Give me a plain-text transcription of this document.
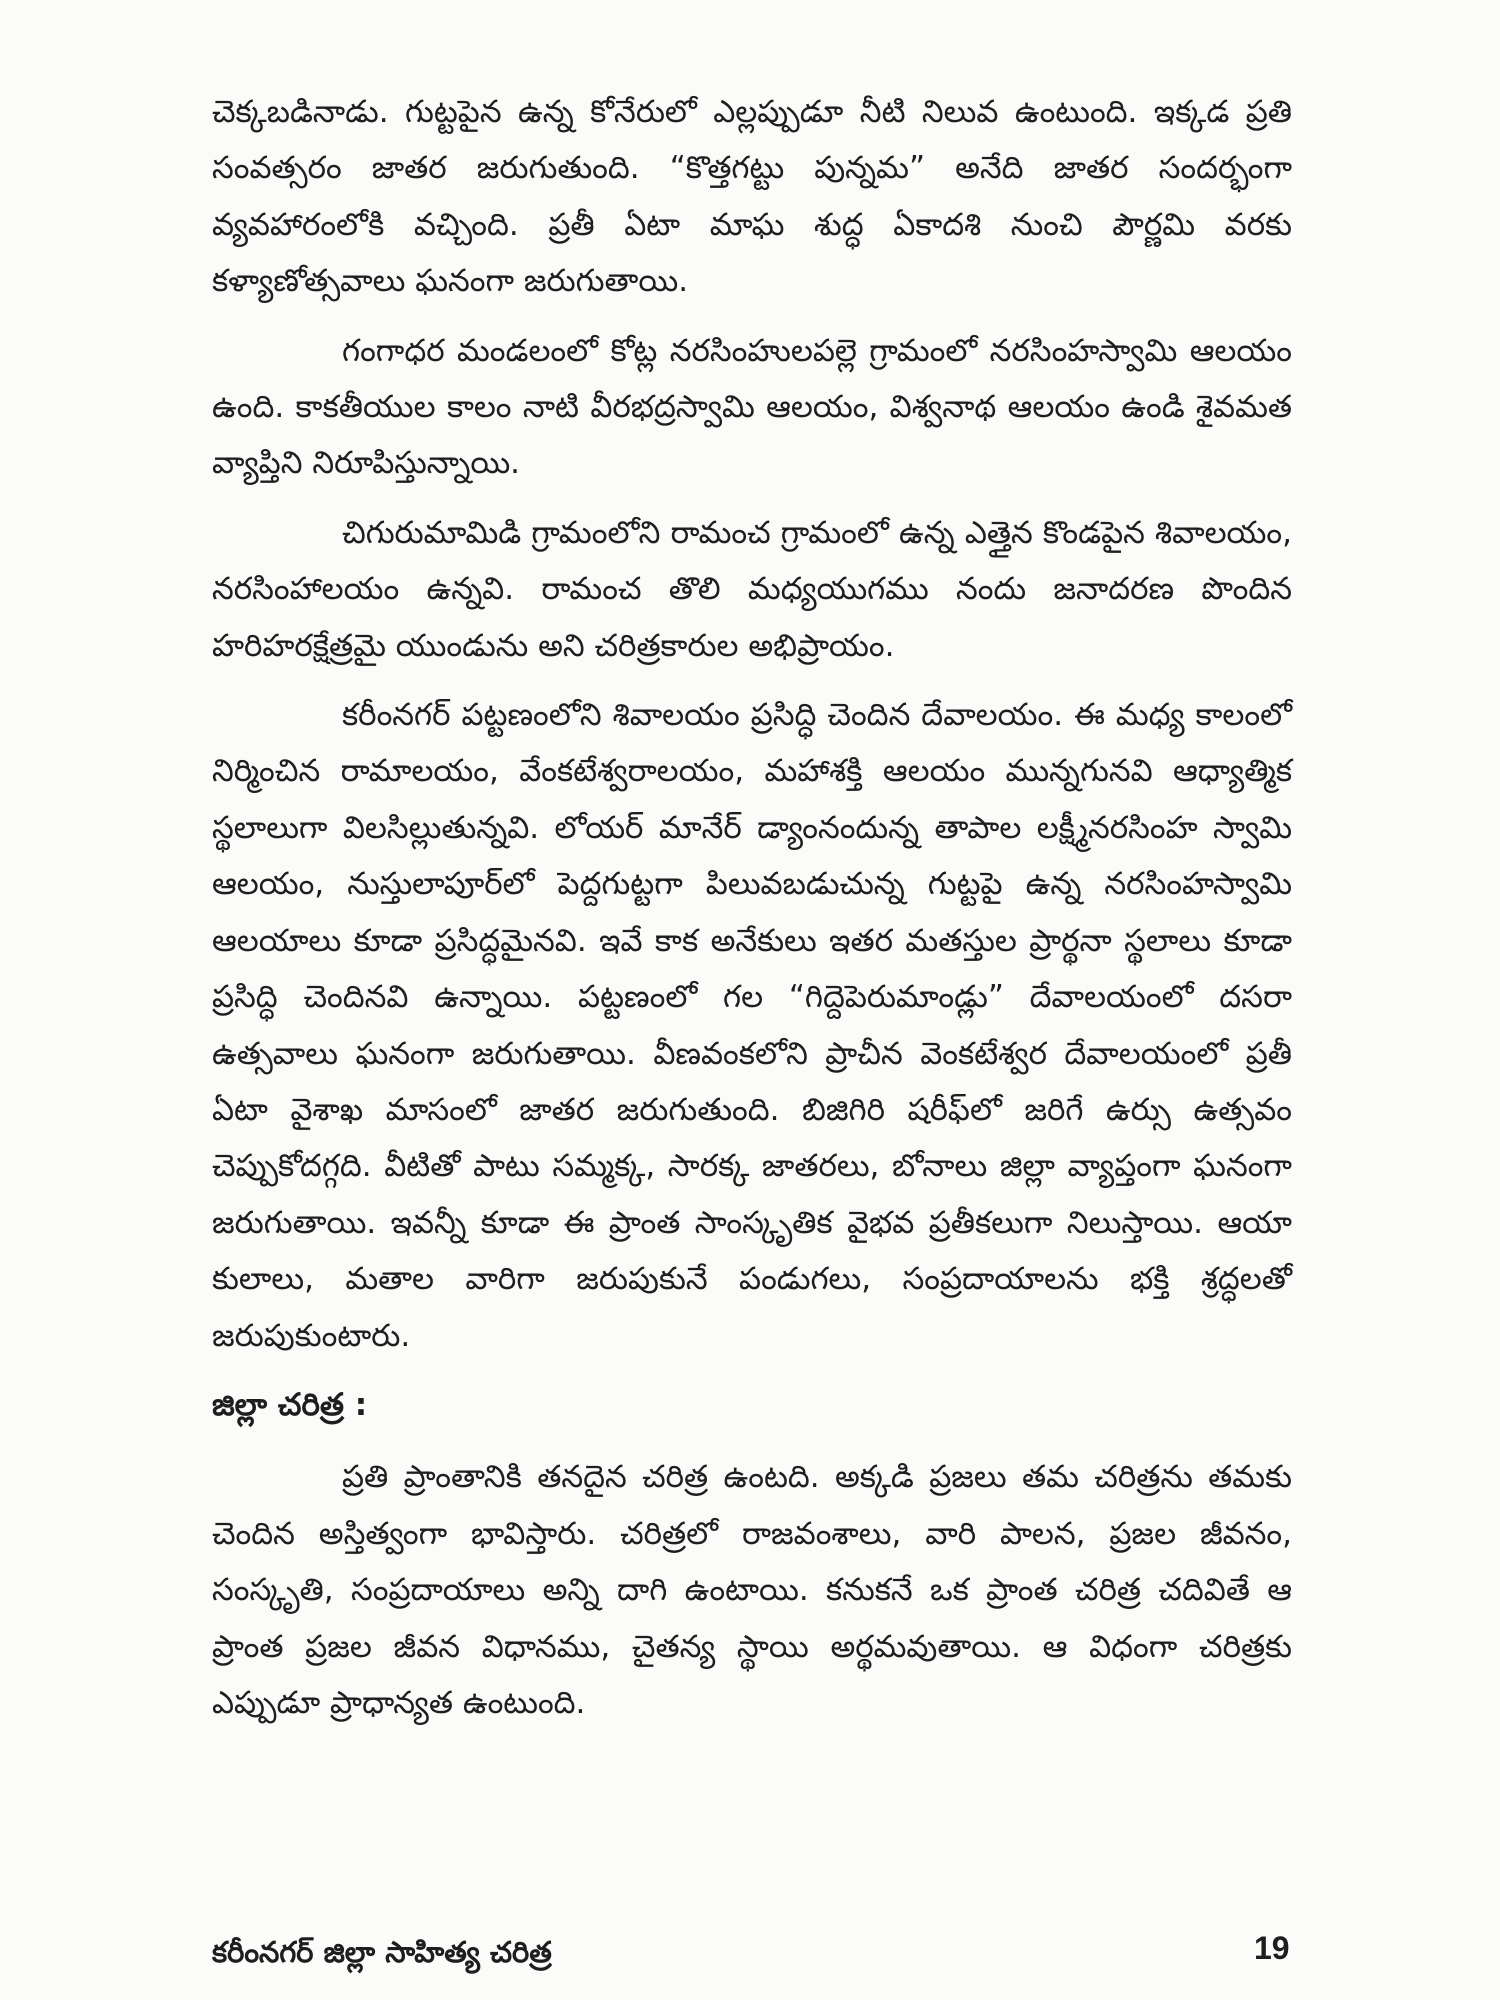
చెక్కబడినాడు. గుట్టపైన ఉన్న కోనేరులో ఎల్లప్పుడూ నీటి నిలువ ఉంటుంది. ఇక్కడ ప్రతి సంవత్సరం జాతర జరుగుతుంది. “కొత్తగట్టు పున్నమ” అనేది జాతర సందర్భంగా వ్యవహారంలోకి వచ్చింది. ప్రతీ ఏటా మాఘ శుద్ధ ఏకాదశి నుంచి పౌర్ణమి వరకు కళ్యాణోత్సవాలు ఘనంగా జరుగుతాయి.

గంగాధర మండలంలో కోట్ల నరసింహులపల్లె గ్రామంలో నరసింహస్వామి ఆలయం ఉంది. కాకతీయుల కాలం నాటి వీరభద్రస్వామి ఆలయం, విశ్వనాథ ఆలయం ఉండి శైవమత వ్యాప్తిని నిరూపిస్తున్నాయి.

చిగురుమామిడి గ్రామంలోని రామంచ గ్రామంలో ఉన్న ఎత్తైన కొండపైన శివాలయం, నరసింహాలయం ఉన్నవి. రామంచ తొలి మధ్యయుగము నందు జనాదరణ పొందిన హరిహరక్షేత్రమై యుండును అని చరిత్రకారుల అభిప్రాయం.

కరీంనగర్ పట్టణంలోని శివాలయం ప్రసిద్ధి చెందిన దేవాలయం. ఈ మధ్య కాలంలో నిర్మించిన రామాలయం, వేంకటేశ్వరాలయం, మహాశక్తి ఆలయం మున్నగునవి ఆధ్యాత్మిక స్థలాలుగా విలసిల్లుతున్నవి. లోయర్ మానేర్ డ్యాంనందున్న తాపాల లక్ష్మీనరసింహ స్వామి ఆలయం, నుస్తులాపూర్‌లో పెద్దగుట్టగా పిలువబడుచున్న గుట్టపై ఉన్న నరసింహస్వామి ఆలయాలు కూడా ప్రసిద్ధమైనవి. ఇవే కాక అనేకులు ఇతర మతస్తుల ప్రార్థనా స్థలాలు కూడా ప్రసిద్ధి చెందినవి ఉన్నాయి. పట్టణంలో గల “గిద్దెపెరుమాండ్లు” దేవాలయంలో దసరా ఉత్సవాలు ఘనంగా జరుగుతాయి. వీణవంకలోని ప్రాచీన వెంకటేశ్వర దేవాలయంలో ప్రతీ ఏటా వైశాఖ మాసంలో జాతర జరుగుతుంది. బిజిగిరి షరీఫ్‌లో జరిగే ఉర్సు ఉత్సవం చెప్పుకోదగ్గది. వీటితో పాటు సమ్మక్క, సారక్క జాతరలు, బోనాలు జిల్లా వ్యాప్తంగా ఘనంగా జరుగుతాయి. ఇవన్నీ కూడా ఈ ప్రాంత సాంస్కృతిక వైభవ ప్రతీకలుగా నిలుస్తాయి. ఆయా కులాలు, మతాల వారిగా జరుపుకునే పండుగలు, సంప్రదాయాలను భక్తి శ్రద్ధలతో జరుపుకుంటారు.

జిల్లా చరిత్ర :

ప్రతి ప్రాంతానికి తనదైన చరిత్ర ఉంటది. అక్కడి ప్రజలు తమ చరిత్రను తమకు చెందిన అస్తిత్వంగా భావిస్తారు. చరిత్రలో రాజవంశాలు, వారి పాలన, ప్రజల జీవనం, సంస్కృతి, సంప్రదాయాలు అన్ని దాగి ఉంటాయి. కనుకనే ఒక ప్రాంత చరిత్ర చదివితే ఆ ప్రాంత ప్రజల జీవన విధానము, చైతన్య స్థాయి అర్థమవుతాయి. ఆ విధంగా చరిత్రకు ఎప్పుడూ ప్రాధాన్యత ఉంటుంది.

కరీంనగర్ జిల్లా సాహిత్య చరిత్ర	19
